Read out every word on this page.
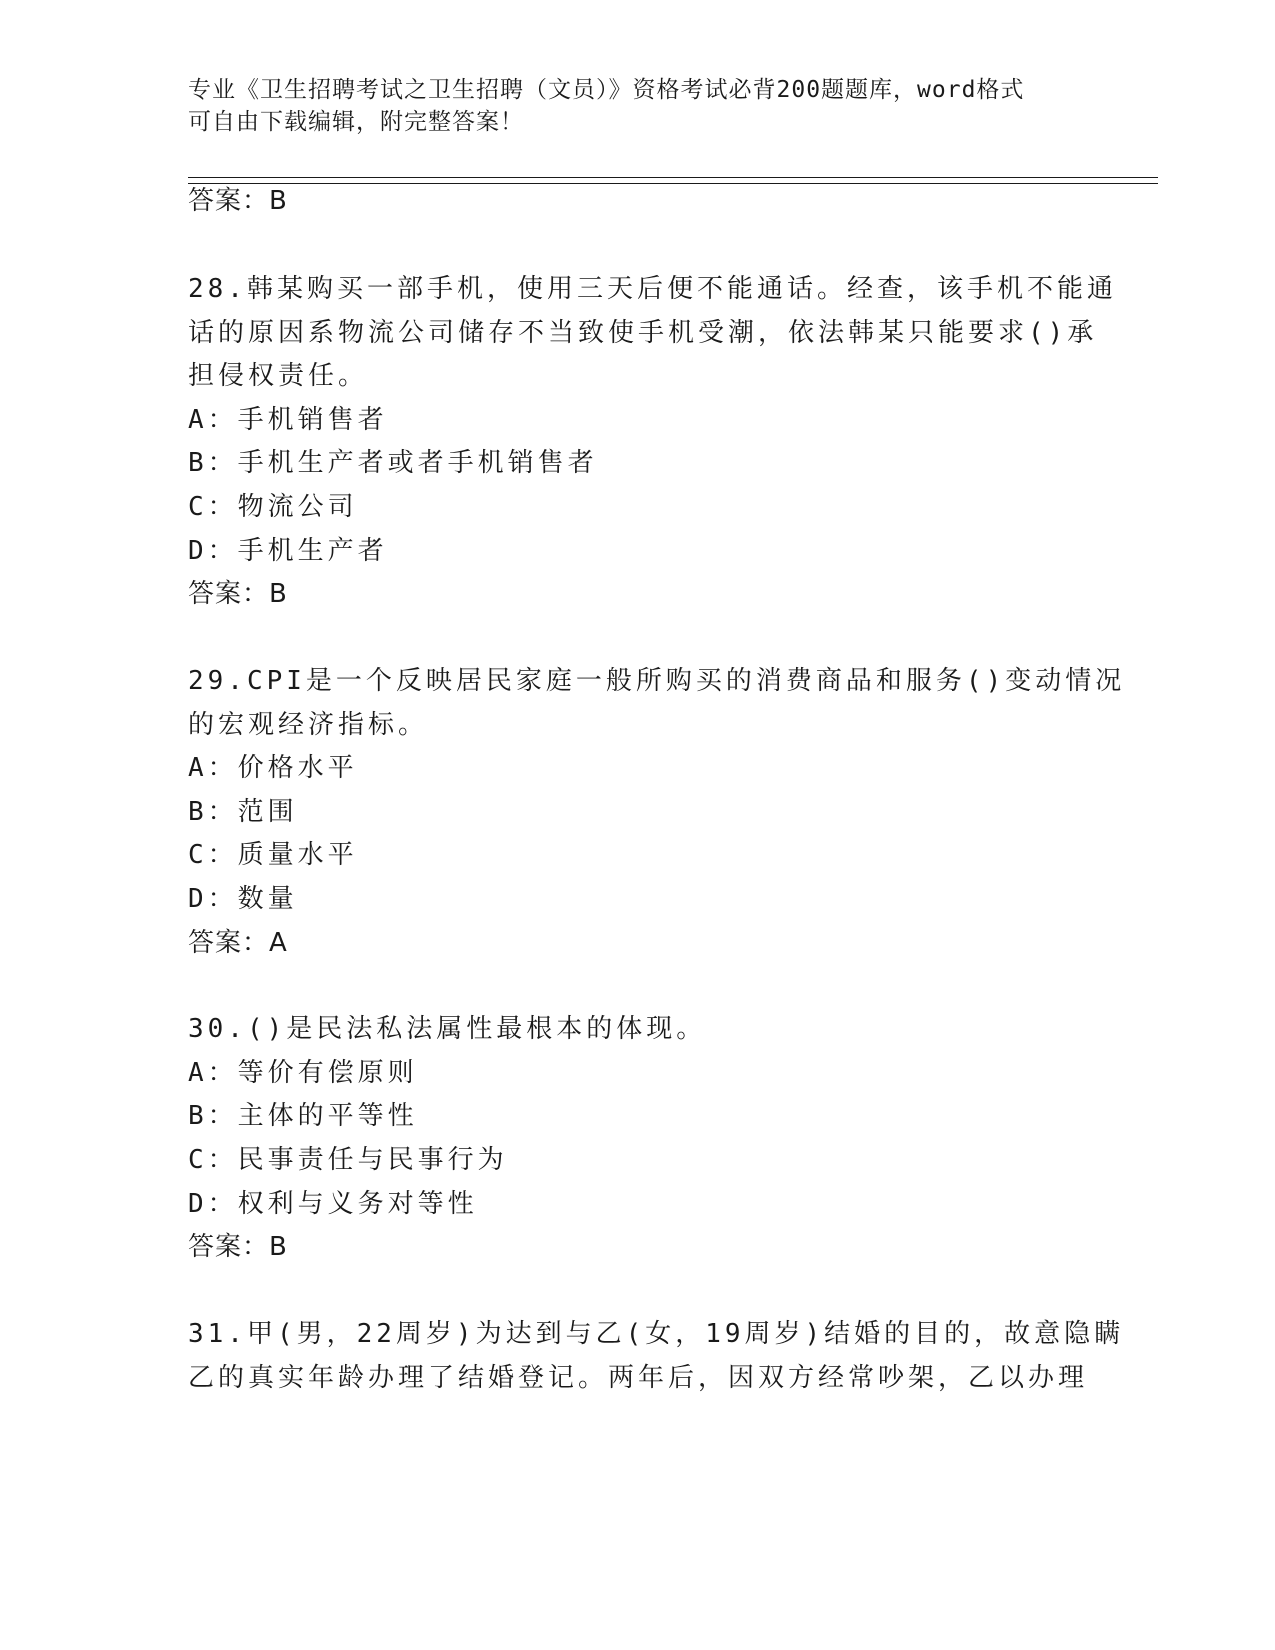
专业《卫生招聘考试之卫生招聘（文员）》资格考试必背200题题库，word格式
可自由下载编辑，附完整答案！
答案：B
28.韩某购买一部手机，使用三天后便不能通话。经查，该手机不能通
话的原因系物流公司储存不当致使手机受潮，依法韩某只能要求()承
担侵权责任。
A：手机销售者
B：手机生产者或者手机销售者
C：物流公司
D：手机生产者
答案：B
29.CPI是一个反映居民家庭一般所购买的消费商品和服务()变动情况
的宏观经济指标。
A：价格水平
B：范围
C：质量水平
D：数量
答案：A
30.()是民法私法属性最根本的体现。
A：等价有偿原则
B：主体的平等性
C：民事责任与民事行为
D：权利与义务对等性
答案：B
31.甲(男，22周岁)为达到与乙(女，19周岁)结婚的目的，故意隐瞒
乙的真实年龄办理了结婚登记。两年后，因双方经常吵架，乙以办理
